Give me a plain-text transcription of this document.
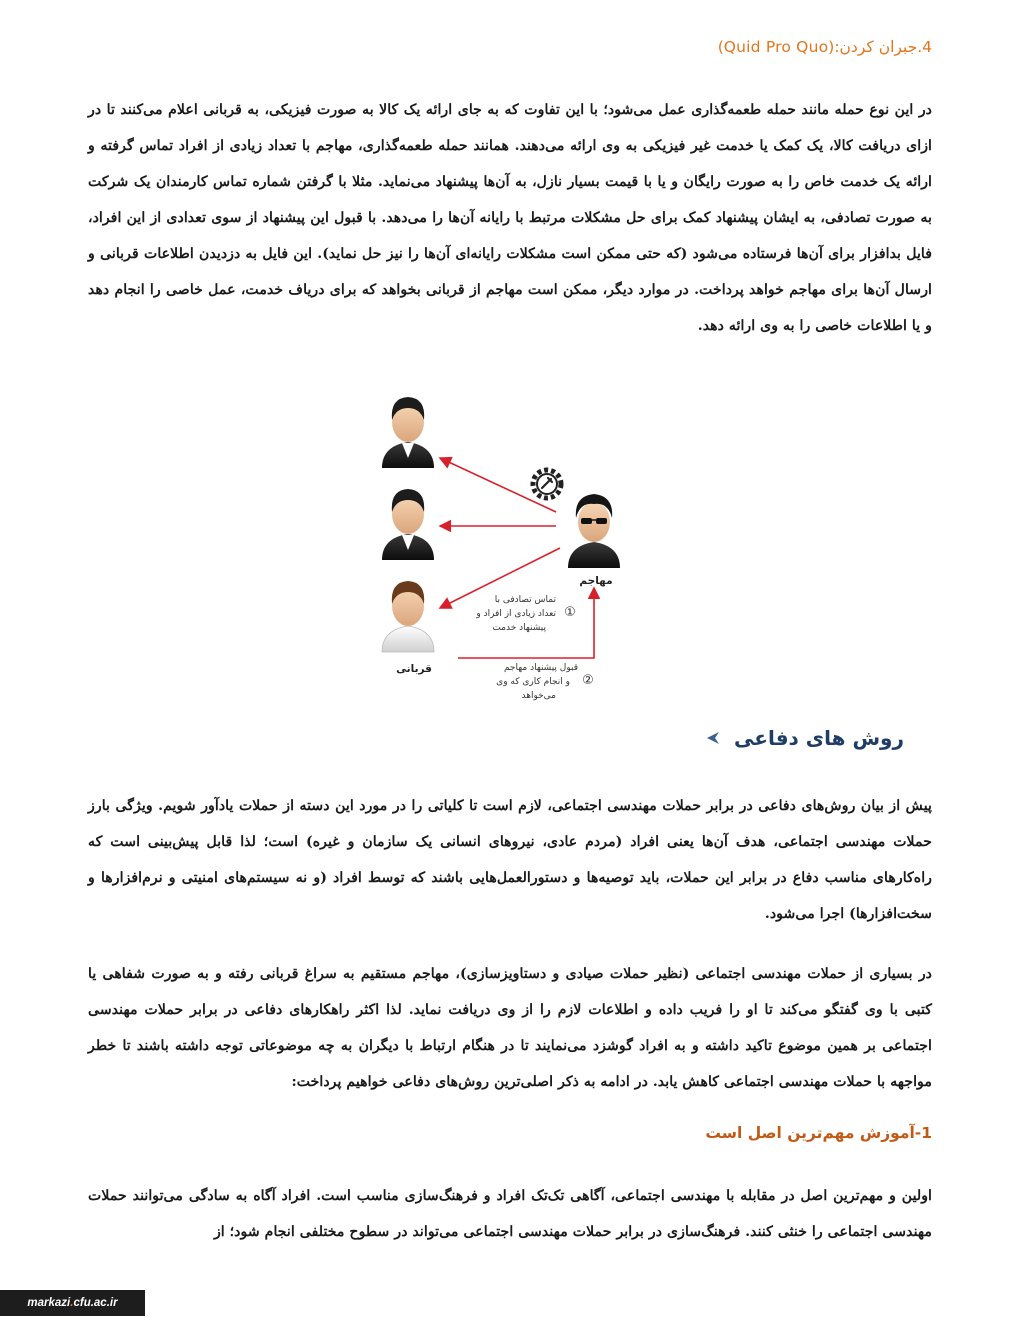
4.جبران کردن:(Quid Pro Quo)
در این نوع حمله مانند حمله طعمه‌گذاری عمل می‌شود؛ با این تفاوت که به جای ارائه یک کالا به صورت فیزیکی، به قربانی اعلام می‌کنند تا در ازای دریافت کالا، یک کمک یا خدمت غیر فیزیکی به وی ارائه می‌دهند. همانند حمله طعمه‌گذاری، مهاجم با تعداد زیادی از افراد تماس گرفته و ارائه یک خدمت خاص را به صورت رایگان و یا با قیمت بسیار نازل، به آن‌ها پیشنهاد می‌نماید. مثلا با گرفتن شماره تماس کارمندان یک شرکت به صورت تصادفی، به ایشان پیشنهاد کمک برای حل مشکلات مرتبط با رایانه آن‌ها را می‌دهد. با قبول این پیشنهاد از سوی تعدادی از این افراد، فایل بدافزار برای آن‌ها فرستاده می‌شود (که حتی ممکن است مشکلات رایانه‌ای آن‌ها را نیز حل نماید). این فایل به دزدیدن اطلاعات قربانی و ارسال آن‌ها برای مهاجم خواهد پرداخت. در موارد دیگر، ممکن است مهاجم از قربانی بخواهد که برای دریاف خدمت، عمل خاصی را انجام دهد و یا اطلاعات خاصی را به وی ارائه دهد.
قربانی
مهاجم
تماس تصادفی با
تعداد زیادی از افراد و
پیشنهاد خدمت
①
قبول پیشنهاد مهاجم
و انجام کاری که وی
می‌خواهد
②
روش های دفاعی
پیش از بیان روش‌های دفاعی در برابر حملات مهندسی اجتماعی، لازم است تا کلیاتی را در مورد این دسته از حملات یادآور شویم. ویژگی بارز حملات مهندسی اجتماعی، هدف آن‌ها یعنی افراد (مردم عادی، نیروهای انسانی یک سازمان و غیره) است؛ لذا قابل پیش‌بینی است که راه‌کارهای مناسب دفاع در برابر این حملات، باید توصیه‌ها و دستورالعمل‌هایی باشند که توسط افراد (و نه سیستم‌های امنیتی و نرم‌افزارها و سخت‌افزارها) اجرا می‌شود.
در بسیاری از حملات مهندسی اجتماعی (نظیر حملات صیادی و دستاویزسازی)، مهاجم مستقیم به سراغ قربانی رفته و به صورت شفاهی یا کتبی با وی گفتگو می‌کند تا او را فریب داده و اطلاعات لازم را از وی دریافت نماید. لذا اکثر راهکارهای دفاعی در برابر حملات مهندسی اجتماعی بر همین موضوع تاکید داشته و به افراد گوشزد می‌نمایند تا در هنگام ارتباط با دیگران به چه موضوعاتی توجه داشته باشند تا خطر مواجهه با حملات مهندسی اجتماعی کاهش یابد. در ادامه به ذکر اصلی‌ترین روش‌های دفاعی خواهیم پرداخت:
1-آموزش مهم‌ترین اصل است
اولین و مهم‌ترین اصل در مقابله با مهندسی اجتماعی، آگاهی تک‌تک افراد و فرهنگ‌سازی مناسب است. افراد آگاه به سادگی می‌توانند حملات مهندسی اجتماعی را خنثی کنند. فرهنگ‌سازی در برابر حملات مهندسی اجتماعی می‌تواند در سطوح مختلفی انجام شود؛ از
markazi . cfu.ac.ir
